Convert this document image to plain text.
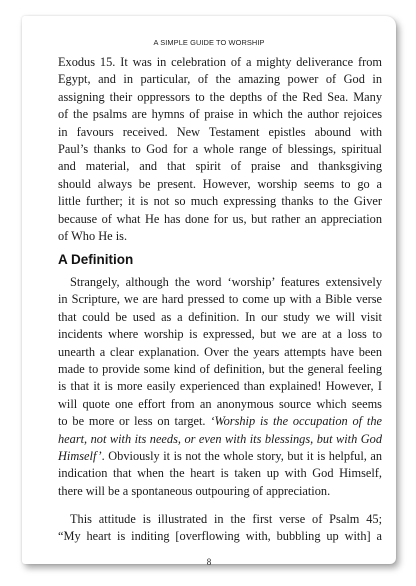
A SIMPLE GUIDE TO WORSHIP

Exodus 15. It was in celebration of a mighty deliverance from
Egypt, and in particular, of the amazing power of God in
assigning their oppressors to the depths of the Red Sea. Many
of the psalms are hymns of praise in which the author rejoices
in favours received. New Testament epistles abound with
Paul’s thanks to God for a whole range of blessings, spiritual
and material, and that spirit of praise and thanksgiving
should always be present. However, worship seems to go a
little further; it is not so much expressing thanks to the Giver
because of what He has done for us, but rather an appreciation
of Who He is.

A Definition

Strangely, although the word ‘worship’ features extensively
in Scripture, we are hard pressed to come up with a Bible verse
that could be used as a definition. In our study we will visit
incidents where worship is expressed, but we are at a loss to
unearth a clear explanation. Over the years attempts have been
made to provide some kind of definition, but the general feeling
is that it is more easily experienced than explained! However, I
will quote one effort from an anonymous source which seems
to be more or less on target. ‘Worship is the occupation of the
heart, not with its needs, or even with its blessings, but with God
Himself’. Obviously it is not the whole story, but it is helpful, an
indication that when the heart is taken up with God Himself,
there will be a spontaneous outpouring of appreciation.

This attitude is illustrated in the first verse of Psalm 45;
“My heart is inditing [overflowing with, bubbling up with] a

8
